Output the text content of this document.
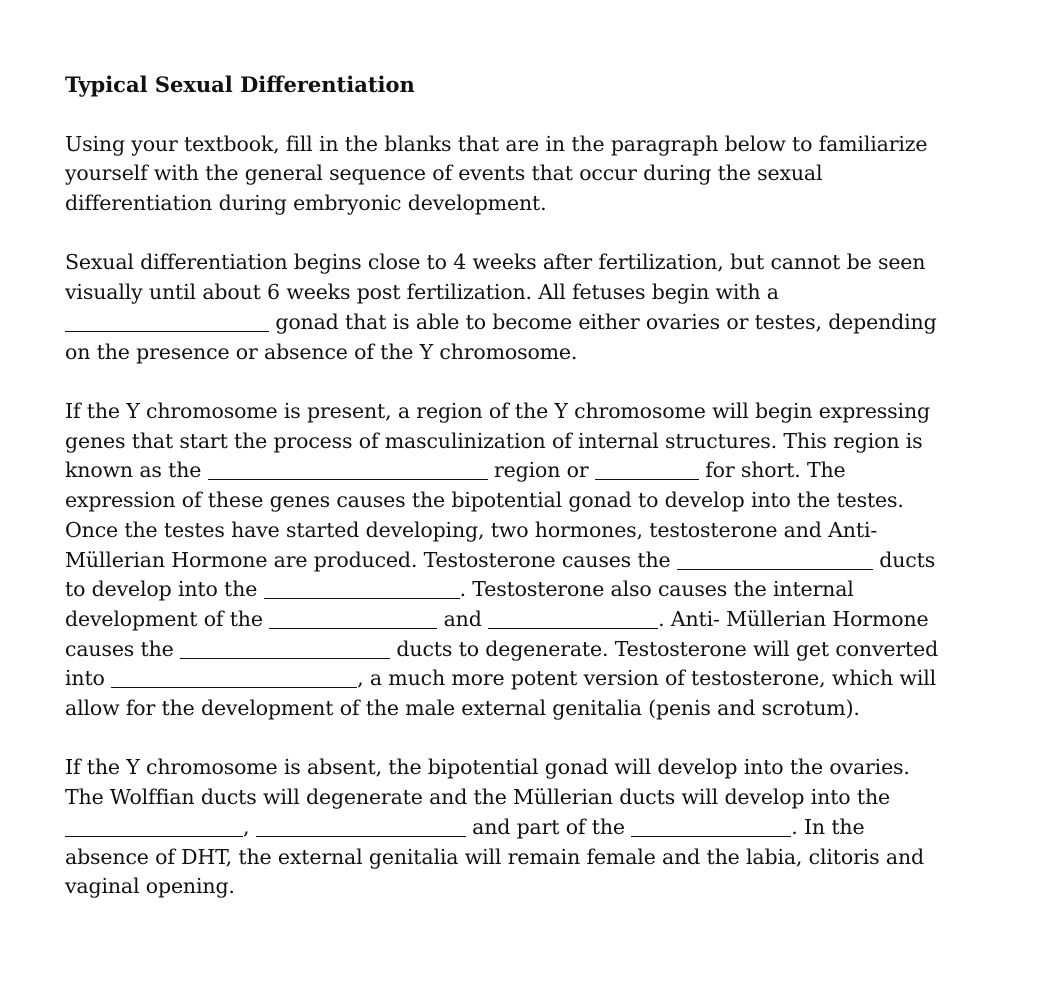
Typical Sexual Differentiation

Using your textbook, fill in the blanks that are in the paragraph below to familiarize
yourself with the general sequence of events that occur during the sexual
differentiation during embryonic development.

Sexual differentiation begins close to 4 weeks after fertilization, but cannot be seen
visually until about 6 weeks post fertilization. All fetuses begin with a
gonad that is able to become either ovaries or testes, depending
on the presence or absence of the Y chromosome.

If the Y chromosome is present, a region of the Y chromosome will begin expressing
genes that start the process of masculinization of internal structures. This region is
known as the	region or	for short. The
expression of these genes causes the bipotential gonad to develop into the testes.
Once the testes have started developing, two hormones, testosterone and Anti-
Müllerian Hormone are produced. Testosterone causes the	ducts
to develop into the	. Testosterone also causes the internal
development of the	and	. Anti- Müllerian Hormone
causes the	ducts to degenerate. Testosterone will get converted
into	, a much more potent version of testosterone, which will
allow for the development of the male external genitalia (penis and scrotum).

If the Y chromosome is absent, the bipotential gonad will develop into the ovaries.
The Wolffian ducts will degenerate and the Müllerian ducts will develop into the
,	and part of the	. In the
absence of DHT, the external genitalia will remain female and the labia, clitoris and
vaginal opening.
